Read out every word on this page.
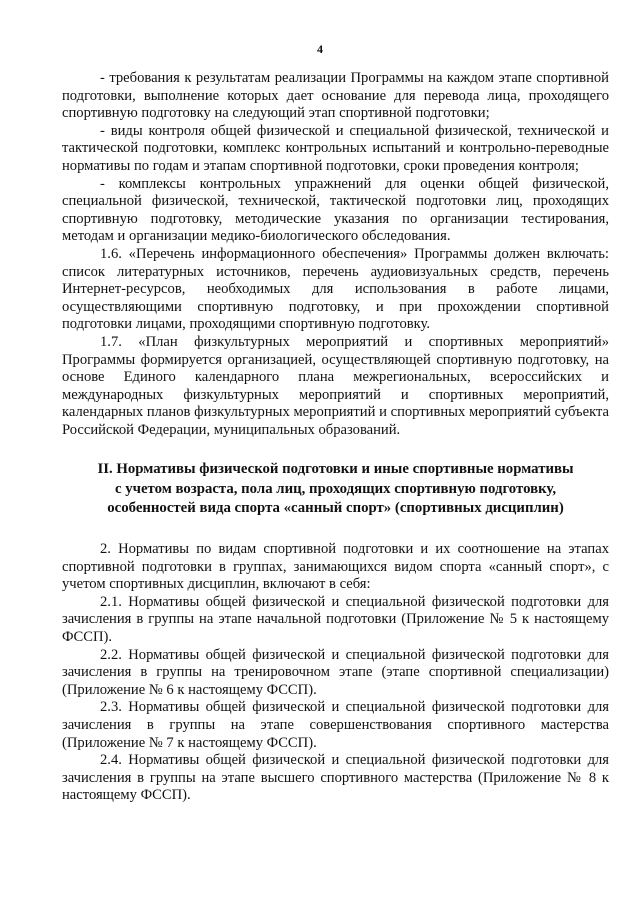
4

- требования к результатам реализации Программы на каждом этапе спортивной подготовки, выполнение которых дает основание для перевода лица, проходящего спортивную подготовку на следующий этап спортивной подготовки;

- виды контроля общей физической и специальной физической, технической и тактической подготовки, комплекс контрольных испытаний и контрольно-переводные нормативы по годам и этапам спортивной подготовки, сроки проведения контроля;

- комплексы контрольных упражнений для оценки общей физической, специальной физической, технической, тактической подготовки лиц, проходящих спортивную подготовку, методические указания по организации тестирования, методам и организации медико-биологического обследования.

1.6. «Перечень информационного обеспечения» Программы должен включать: список литературных источников, перечень аудиовизуальных средств, перечень Интернет-ресурсов, необходимых для использования в работе лицами, осуществляющими спортивную подготовку, и при прохождении спортивной подготовки лицами, проходящими спортивную подготовку.

1.7. «План физкультурных мероприятий и спортивных мероприятий» Программы формируется организацией, осуществляющей спортивную подготовку, на основе Единого календарного плана межрегиональных, всероссийских и международных физкультурных мероприятий и спортивных мероприятий, календарных планов физкультурных мероприятий и спортивных мероприятий субъекта Российской Федерации, муниципальных образований.

II. Нормативы физической подготовки и иные спортивные нормативы
с учетом возраста, пола лиц, проходящих спортивную подготовку,
особенностей вида спорта «санный спорт» (спортивных дисциплин)

2. Нормативы по видам спортивной подготовки и их соотношение на этапах спортивной подготовки в группах, занимающихся видом спорта «санный спорт», с учетом спортивных дисциплин, включают в себя:

2.1. Нормативы общей физической и специальной физической подготовки для зачисления в группы на этапе начальной подготовки (Приложение № 5 к настоящему ФССП).

2.2. Нормативы общей физической и специальной физической подготовки для зачисления в группы на тренировочном этапе (этапе спортивной специализации) (Приложение № 6 к настоящему ФССП).

2.3. Нормативы общей физической и специальной физической подготовки для зачисления в группы на этапе совершенствования спортивного мастерства (Приложение № 7 к настоящему ФССП).

2.4. Нормативы общей физической и специальной физической подготовки для зачисления в группы на этапе высшего спортивного мастерства (Приложение № 8 к настоящему ФССП).
